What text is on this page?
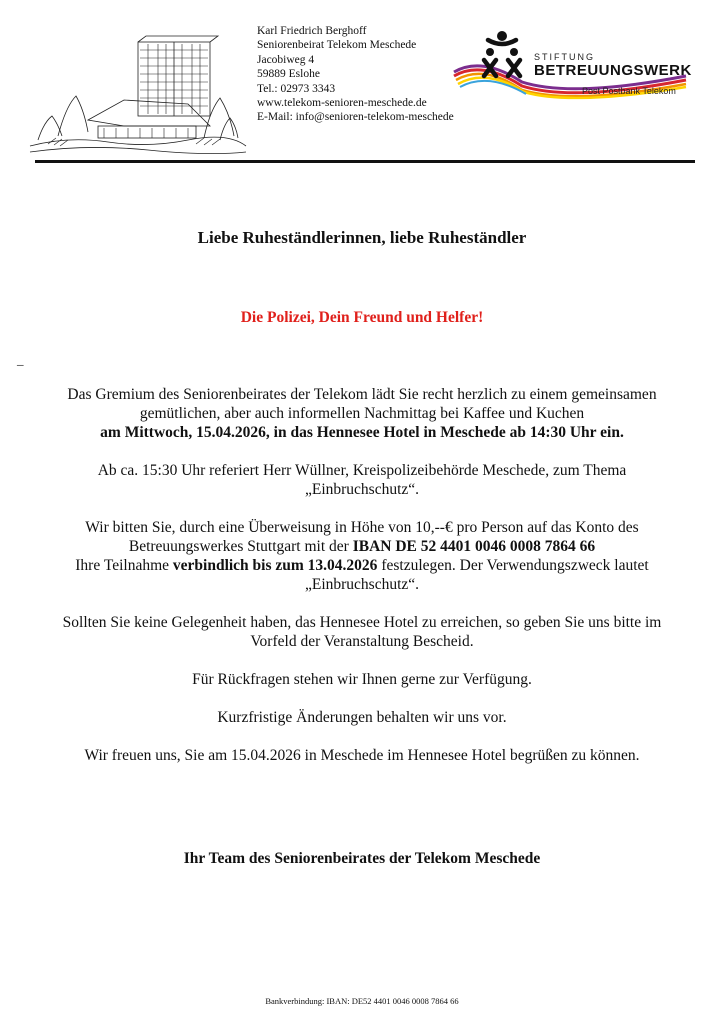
Karl Friedrich Berghoff
Seniorenbeirat Telekom Meschede
Jacobiweg 4
59889 Eslohe
Tel.: 02973 3343
www.telekom-senioren-meschede.de
E-Mail: info@senioren-telekom-meschede
STIFTUNG
BETREUUNGSWERK
Post Postbank Telekom
Liebe Ruheständlerinnen, liebe Ruheständler
Die Polizei, Dein Freund und Helfer!
_

Das Gremium des Seniorenbeirates der Telekom lädt Sie recht herzlich zu einem gemeinsamen gemütlichen, aber auch informellen Nachmittag bei Kaffee und Kuchen
am Mittwoch, 15.04.2026, in das Hennesee Hotel in Meschede ab 14:30 Uhr ein.

Ab ca. 15:30 Uhr referiert Herr Wüllner, Kreispolizeibehörde Meschede, zum Thema „Einbruchschutz“.

Wir bitten Sie, durch eine Überweisung in Höhe von 10,--€ pro Person auf das Konto des Betreuungswerkes Stuttgart mit der IBAN DE 52 4401 0046 0008 7864 66
Ihre Teilnahme verbindlich bis zum 13.04.2026 festzulegen. Der Verwendungszweck lautet „Einbruchschutz“.

Sollten Sie keine Gelegenheit haben, das Hennesee Hotel zu erreichen, so geben Sie uns bitte im Vorfeld der Veranstaltung Bescheid.

Für Rückfragen stehen wir Ihnen gerne zur Verfügung.

Kurzfristige Änderungen behalten wir uns vor.

Wir freuen uns, Sie am 15.04.2026 in Meschede im Hennesee Hotel begrüßen zu können.

Ihr Team des Seniorenbeirates der Telekom Meschede
Bankverbindung: IBAN: DE52 4401 0046 0008 7864 66
